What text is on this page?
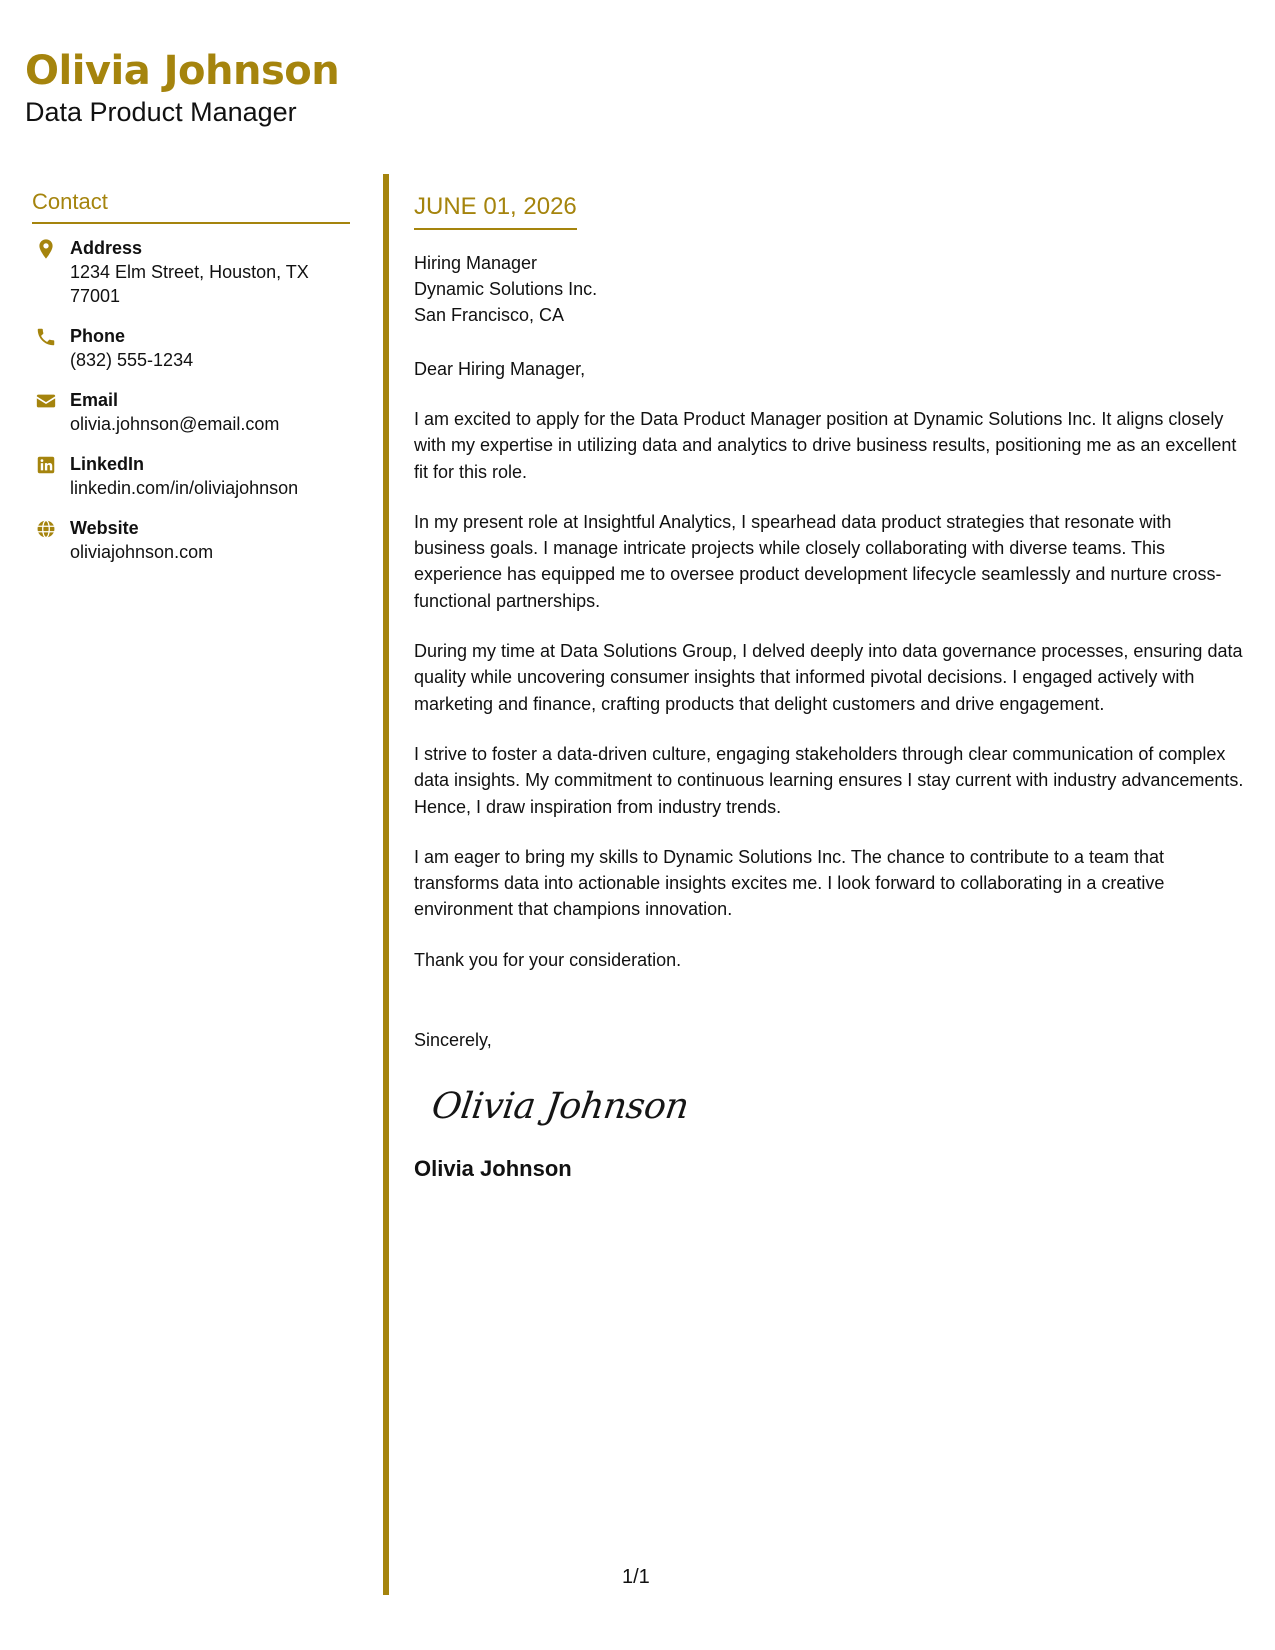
Olivia Johnson
Data Product Manager
Contact
Address
1234 Elm Street, Houston, TX 77001
Phone
(832) 555-1234
Email
olivia.johnson@email.com
LinkedIn
linkedin.com/in/oliviajohnson
Website
oliviajohnson.com
JUNE 01, 2026
Hiring Manager
Dynamic Solutions Inc.
San Francisco, CA
Dear Hiring Manager,
I am excited to apply for the Data Product Manager position at Dynamic Solutions Inc. It aligns closely with my expertise in utilizing data and analytics to drive business results, positioning me as an excellent fit for this role.
In my present role at Insightful Analytics, I spearhead data product strategies that resonate with business goals. I manage intricate projects while closely collaborating with diverse teams. This experience has equipped me to oversee product development lifecycle seamlessly and nurture cross-functional partnerships.
During my time at Data Solutions Group, I delved deeply into data governance processes, ensuring data quality while uncovering consumer insights that informed pivotal decisions. I engaged actively with marketing and finance, crafting products that delight customers and drive engagement.
I strive to foster a data-driven culture, engaging stakeholders through clear communication of complex data insights. My commitment to continuous learning ensures I stay current with industry advancements. Hence, I draw inspiration from industry trends.
I am eager to bring my skills to Dynamic Solutions Inc. The chance to contribute to a team that transforms data into actionable insights excites me. I look forward to collaborating in a creative environment that champions innovation.
Thank you for your consideration.
Sincerely,
Olivia Johnson
Olivia Johnson
1/1
